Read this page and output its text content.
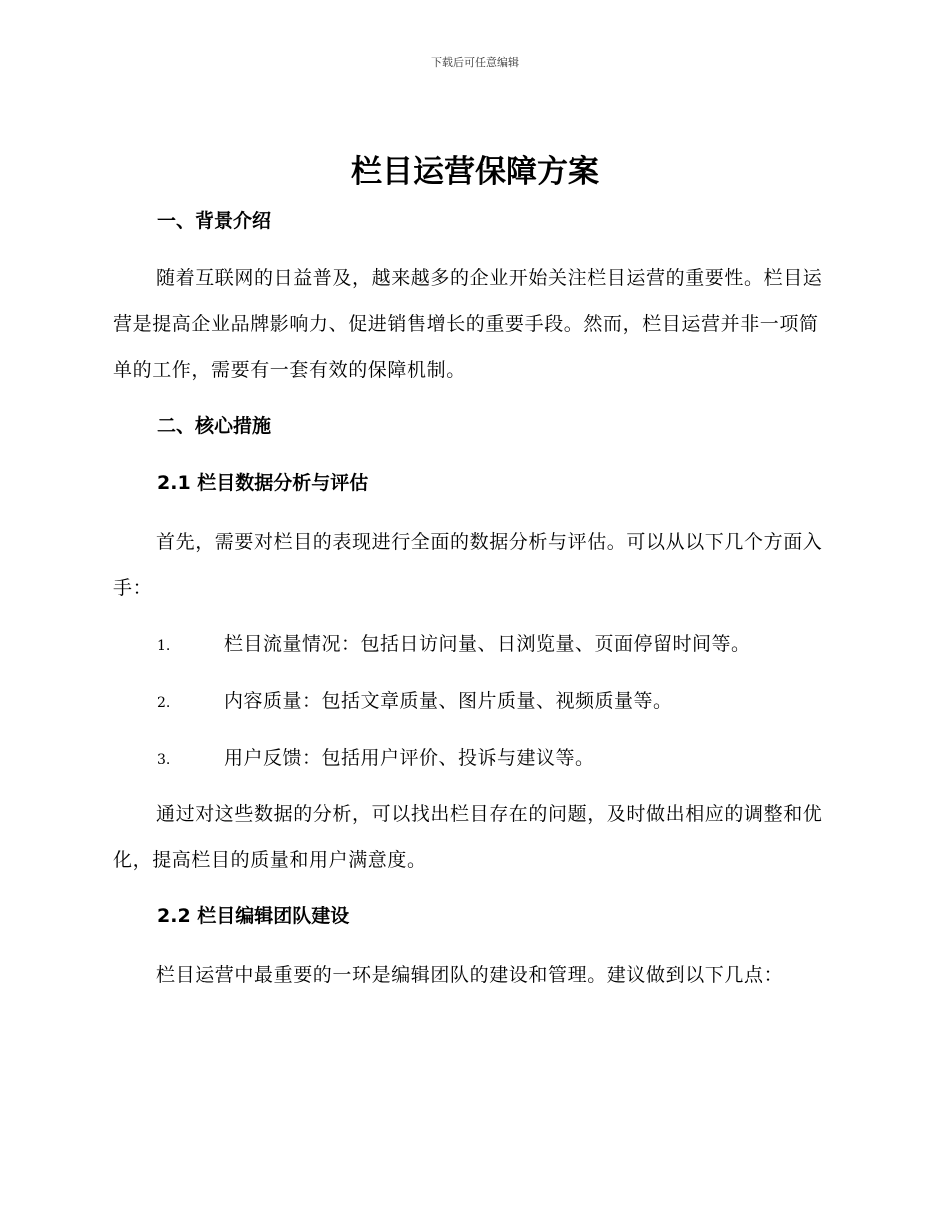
下载后可任意编辑
栏目运营保障方案
一、背景介绍

随着互联网的日益普及，越来越多的企业开始关注栏目运营的重要性。栏目运营是提高企业品牌影响力、促进销售增长的重要手段。然而，栏目运营并非一项简单的工作，需要有一套有效的保障机制。

二、核心措施
2.1 栏目数据分析与评估

首先，需要对栏目的表现进行全面的数据分析与评估。可以从以下几个方面入手：

1.	栏目流量情况：包括日访问量、日浏览量、页面停留时间等。
2.	内容质量：包括文章质量、图片质量、视频质量等。
3.	用户反馈：包括用户评价、投诉与建议等。

通过对这些数据的分析，可以找出栏目存在的问题，及时做出相应的调整和优化，提高栏目的质量和用户满意度。

2.2 栏目编辑团队建设

栏目运营中最重要的一环是编辑团队的建设和管理。建议做到以下几点：
